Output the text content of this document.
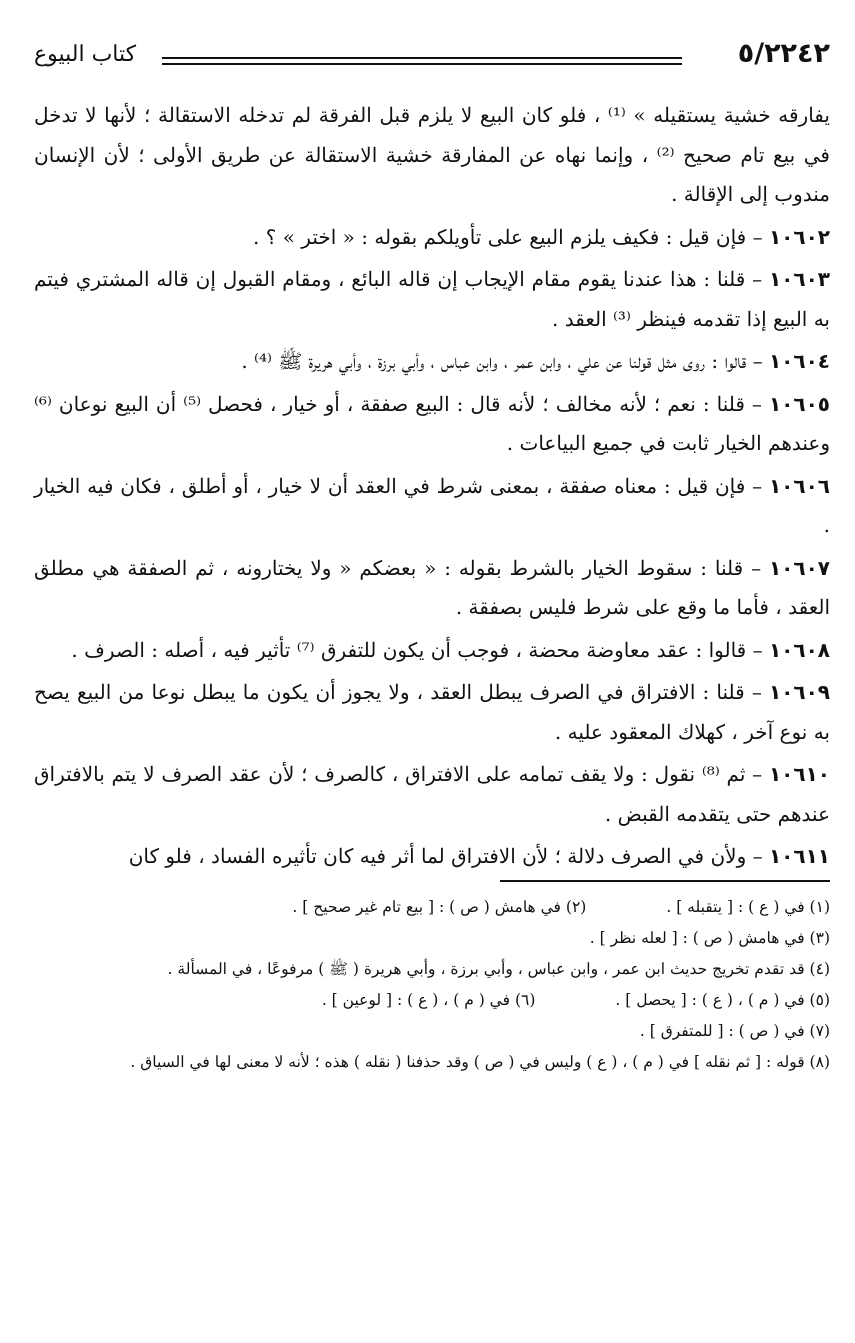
٥/٢٢٤٢
كتاب البيوع

يفارقه خشية يستقيله » ⁽¹⁾ ، فلو كان البيع لا يلزم قبل الفرقة لم تدخله الاستقالة ؛ لأنها لا تدخل في بيع تام صحيح ⁽²⁾ ، وإنما نهاه عن المفارقة خشية الاستقالة عن طريق الأولى ؛ لأن الإنسان مندوب إلى الإقالة .

١٠٦٠٢ – فإن قيل : فكيف يلزم البيع على تأويلكم بقوله : « اختر » ؟ .

١٠٦٠٣ – قلنا : هذا عندنا يقوم مقام الإيجاب إن قاله البائع ، ومقام القبول إن قاله المشتري فيتم به البيع إذا تقدمه فينظر ⁽³⁾ العقد .

١٠٦٠٤ – قالوا : روى مثل قولنا عن علي ، وابن عمر ، وابن عباس ، وأبي برزة ، وأبي هريرة ﷺ ⁽⁴⁾ .

١٠٦٠٥ – قلنا : نعم ؛ لأنه مخالف ؛ لأنه قال : البيع صفقة ، أو خيار ، فحصل ⁽⁵⁾ أن البيع نوعان ⁽⁶⁾ وعندهم الخيار ثابت في جميع البياعات .

١٠٦٠٦ – فإن قيل : معناه صفقة ، بمعنى شرط في العقد أن لا خيار ، أو أطلق ، فكان فيه الخيار .

١٠٦٠٧ – قلنا : سقوط الخيار بالشرط بقوله : « بعضكم « ولا يختارونه ، ثم الصفقة هي مطلق العقد ، فأما ما وقع على شرط فليس بصفقة .

١٠٦٠٨ – قالوا : عقد معاوضة محضة ، فوجب أن يكون للتفرق ⁽⁷⁾ تأثير فيه ، أصله : الصرف .

١٠٦٠٩ – قلنا : الافتراق في الصرف يبطل العقد ، ولا يجوز أن يكون ما يبطل نوعا من البيع يصح به نوع آخر ، كهلاك المعقود عليه .

١٠٦١٠ – ثم ⁽⁸⁾ نقول : ولا يقف تمامه على الافتراق ، كالصرف ؛ لأن عقد الصرف لا يتم بالافتراق عندهم حتى يتقدمه القبض .

١٠٦١١ – ولأن في الصرف دلالة ؛ لأن الافتراق لما أثر فيه كان تأثيره الفساد ، فلو كان

(١) في ( ع ) : [ يتقبله ] .
(٢) في هامش ( ص ) : [ بيع تام غير صحيح ] .
(٣) في هامش ( ص ) : [ لعله نظر ] .
(٤) قد تقدم تخريج حديث ابن عمر ، وابن عباس ، وأبي برزة ، وأبي هريرة ( ﷺ ) مرفوعًا ، في المسألة .
(٥) في ( م ) ، ( ع ) : [ يحصل ] .
(٦) في ( م ) ، ( ع ) : [ لوعين ] .
(٧) في ( ص ) : [ للمتفرق ] .
(٨) قوله : [ ثم نقله ] في ( م ) ، ( ع ) وليس في ( ص ) وقد حذفنا ( نقله ) هذه ؛ لأنه لا معنى لها في السياق .
